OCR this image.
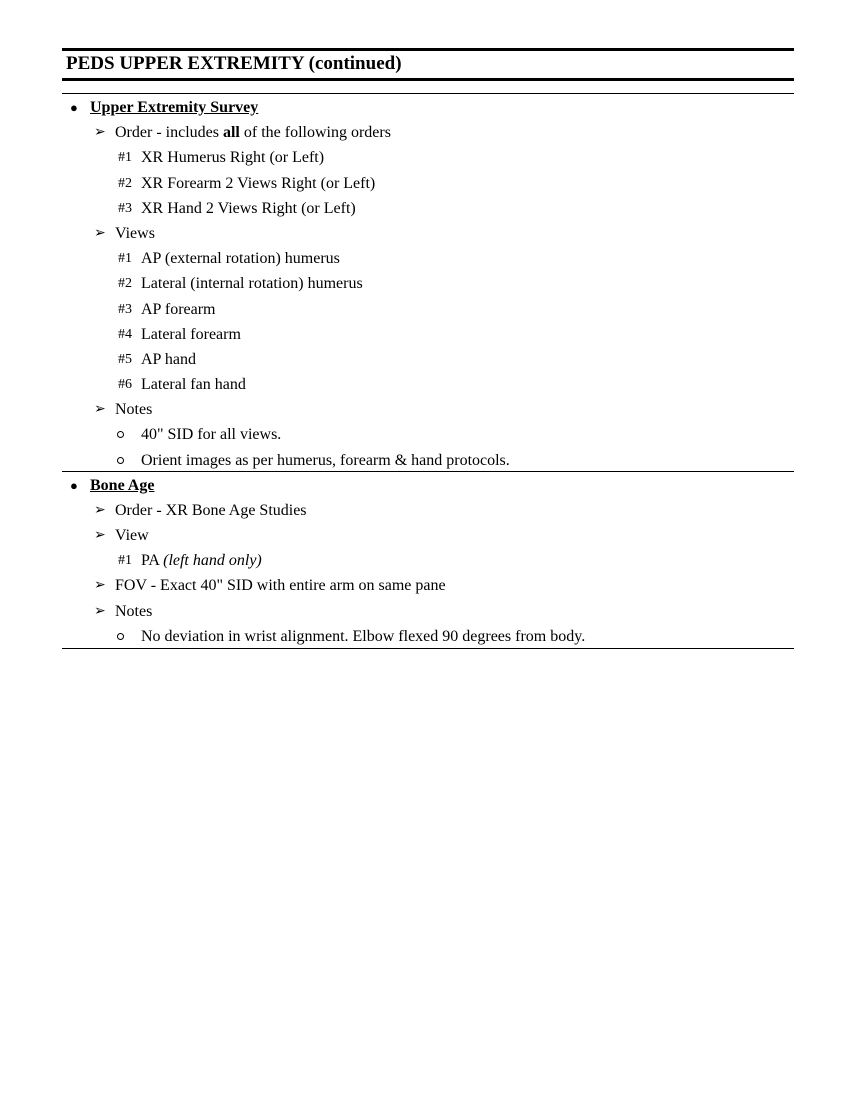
PEDS UPPER EXTREMITY (continued)
● Upper Extremity Survey
➢ Order - includes all of the following orders
#1 XR Humerus Right (or Left)
#2 XR Forearm 2 Views Right (or Left)
#3 XR Hand 2 Views Right (or Left)
➢ Views
#1 AP (external rotation) humerus
#2 Lateral (internal rotation) humerus
#3 AP forearm
#4 Lateral forearm
#5 AP hand
#6 Lateral fan hand
➢ Notes
40" SID for all views.
Orient images as per humerus, forearm & hand protocols.
● Bone Age
➢ Order - XR Bone Age Studies
➢ View
#1 PA (left hand only)
➢ FOV - Exact 40" SID with entire arm on same pane
➢ Notes
No deviation in wrist alignment. Elbow flexed 90 degrees from body.
